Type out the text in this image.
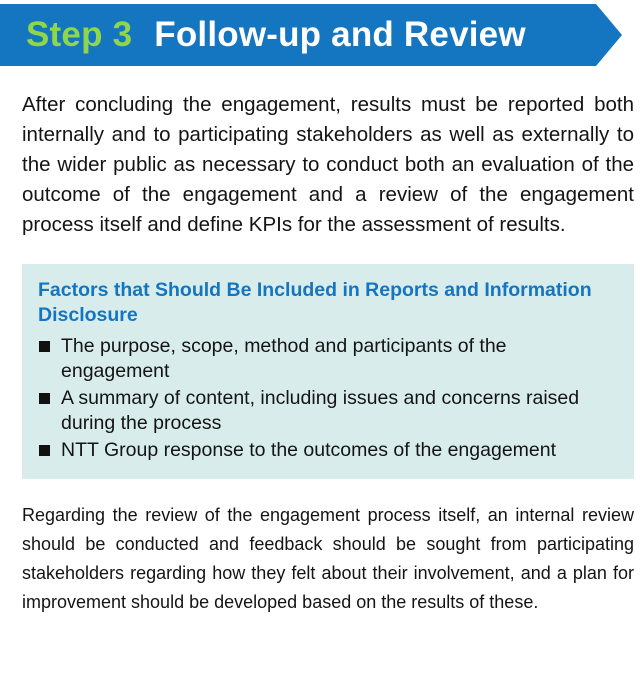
Step 3 Follow-up and Review

After concluding the engagement, results must be reported both internally and to participating stakeholders as well as externally to the wider public as necessary to conduct both an evaluation of the outcome of the engagement and a review of the engagement process itself and define KPIs for the assessment of results.

Factors that Should Be Included in Reports and Information Disclosure
The purpose, scope, method and participants of the engagement
A summary of content, including issues and concerns raised during the process
NTT Group response to the outcomes of the engagement

Regarding the review of the engagement process itself, an internal review should be conducted and feedback should be sought from participating stakeholders regarding how they felt about their involvement, and a plan for improvement should be developed based on the results of these.
